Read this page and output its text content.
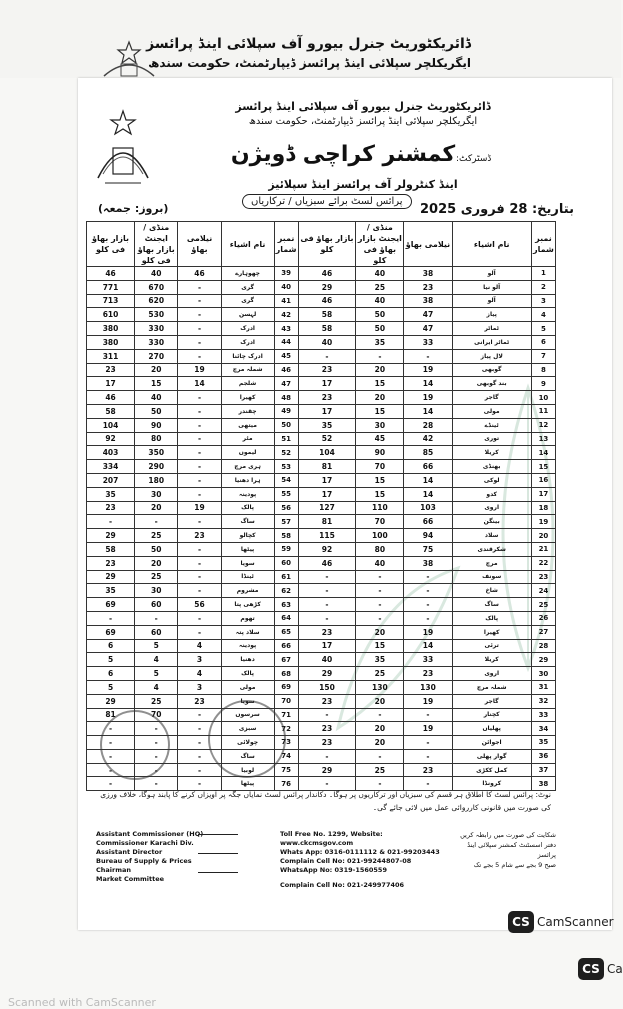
ڈائریکٹوریٹ جنرل بیورو آف سپلائی اینڈ پرائسز
ایگریکلچر سپلائی اینڈ پرائسز ڈیپارٹمنٹ، حکومت سندھ
ڈائریکٹوریٹ جنرل بیورو آف سپلائی اینڈ پرائسز
ایگریکلچر سپلائی اینڈ پرائسز ڈیپارٹمنٹ، حکومت سندھ
کمشنر کراچی ڈویژن ڈسٹرکٹ:
اینڈ کنٹرولر آف پرائسز اینڈ سپلائیز
پرائس لسٹ برائے سبزیاں / ترکاریاں
بتاریخ: 28 فروری 2025
(بروز: جمعہ)
بازار بھاؤ فی کلو	منڈی / ایجنٹ بازار بھاؤ فی کلو	نیلامی بھاؤ	نام اشیاء	نمبر شمار	بازار بھاؤ فی کلو	منڈی / ایجنٹ بازار بھاؤ فی کلو	نیلامی بھاؤ	نام اشیاء	نمبر شمار
46	40	46	چھوہارے	39	46	40	38	آلو	1
771	670	-	گری	40	29	25	23	آلو نیا	2
713	620	-	گری	41	46	40	38	آلو	3
610	530	-	لہسن	42	58	50	47	پیاز	4
380	330	-	ادرک	43	58	50	47	ٹماٹر	5
380	330	-	ادرک	44	40	35	33	ٹماٹر ایرانی	6
311	270	-	ادرک چائنا	45	-	-	-	لال پیاز	7
23	20	19	شملہ مرچ	46	23	20	19	گوبھی	8
17	15	14	شلجم	47	17	15	14	بند گوبھی	9
46	40	-	کھیرا	48	23	20	19	گاجر	10
58	50	-	چقندر	49	17	15	14	مولی	11
104	90	-	میتھی	50	35	30	28	ٹینڈے	12
92	80	-	مٹر	51	52	45	42	توری	13
403	350	-	لیموں	52	104	90	85	کریلا	14
334	290	-	ہری مرچ	53	81	70	66	بھنڈی	15
207	180	-	ہرا دھنیا	54	17	15	14	لوکی	16
35	30	-	پودینہ	55	17	15	14	کدو	17
23	20	19	پالک	56	127	110	103	اروی	18
-	-	-	ساگ	57	81	70	66	بینگن	19
29	25	23	کچالو	58	115	100	94	سلاد	20
58	50	-	پیٹھا	59	92	80	75	شکرقندی	21
23	20	-	سویا	60	46	40	38	مرچ	22
29	25	-	ٹینڈا	61	-	-	-	سونف	23
35	30	-	مشروم	62	-	-	-	شاخ	24
69	60	56	کڑھی پتا	63	-	-	-	ساگ	25
-	-	-	تھوم	64	-	-	-	پالک	26
69	60	-	سلاد پتہ	65	23	20	19	کھیرا	27
6	5	4	پودینہ	66	17	15	14	ترئی	28
5	4	3	دھنیا	67	40	35	33	کریلا	29
6	5	4	پالک	68	29	25	23	اروی	30
5	4	3	مولی	69	150	130	130	شملہ مرچ	31
29	25	23	سویا	70	23	20	19	گاجر	32
81	70	-	سرسوں	71	-	-	-	کچنار	33
-	-	-	سبزی	72	23	20	19	پھلیاں	34
-	-	-	چولائی	73	23	20	-	اجوائن	35
-	-	-	ساگ	74	-	-	-	گوار پھلی	36
-	-	-	لوبیا	75	29	25	23	کمل ککڑی	37
-	-	-	پیٹھا	76	-	-	-	کرونڈا	38
نوٹ: پرائس لسٹ کا اطلاق ہر قسم کی سبزیاں اور ترکاریوں پر ہوگا۔ دکاندار پرائس لسٹ نمایاں جگہ پر آویزاں کرنے کا پابند ہوگا، خلاف ورزی کی صورت میں قانونی کارروائی عمل میں لائی جائے گی۔
Assistant Commissioner (HQ)
Commissioner Karachi Div.
Assistant Director
Bureau of Supply & Prices
Chairman
Market Committee
Toll Free No. 1299, Website: www.ckcmsgov.com
Whats App: 0316-0111112 & 021-99203443
Complain Cell No: 021-99244807-08
WhatsApp No: 0319-1560559
Complain Cell No: 021-249977406
شکایت کی صورت میں رابطہ کریں
دفتر اسسٹنٹ کمشنر سپلائی اینڈ پرائسز
صبح 9 بجے سے شام 5 بجے تک
CS CamScanner
CS Ca
Scanned with CamScanner
